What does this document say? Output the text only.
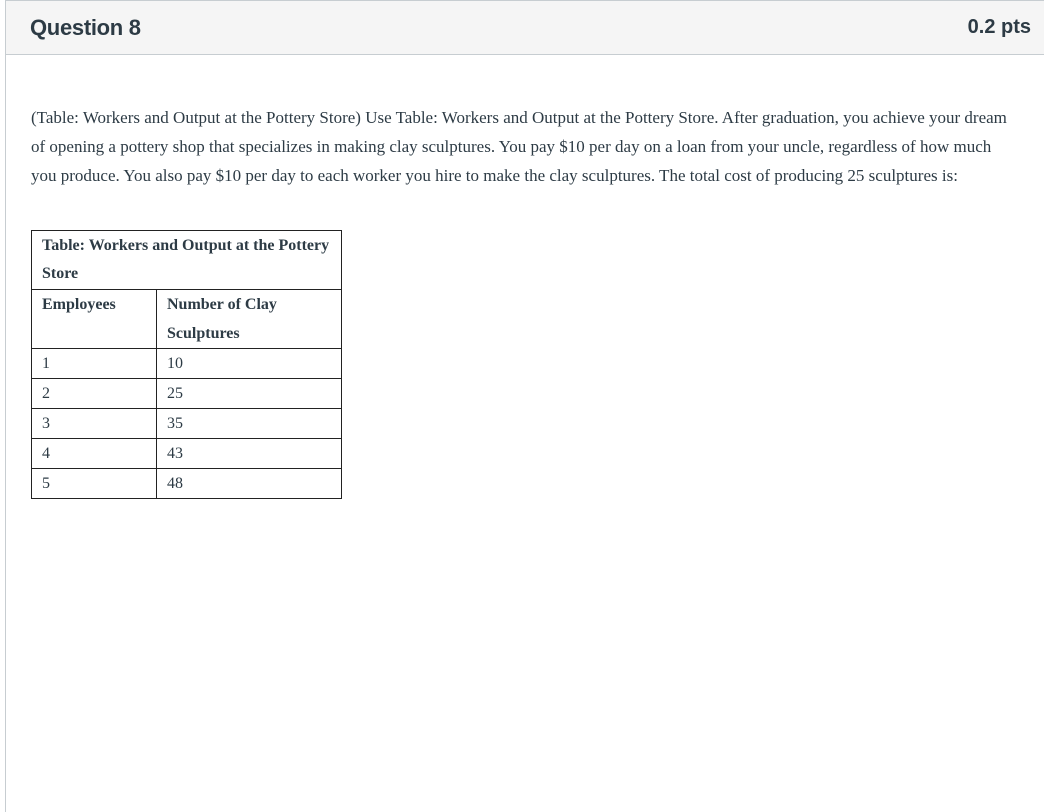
Question 8	0.2 pts

(Table: Workers and Output at the Pottery Store) Use Table: Workers and Output at the Pottery Store. After graduation, you achieve your dream of opening a pottery shop that specializes in making clay sculptures. You pay $10 per day on a loan from your uncle, regardless of how much you produce. You also pay $10 per day to each worker you hire to make the clay sculptures. The total cost of producing 25 sculptures is:

Table: Workers and Output at the Pottery Store	
Employees	Number of Clay Sculptures
1	10
2	25
3	35
4	43
5	48
